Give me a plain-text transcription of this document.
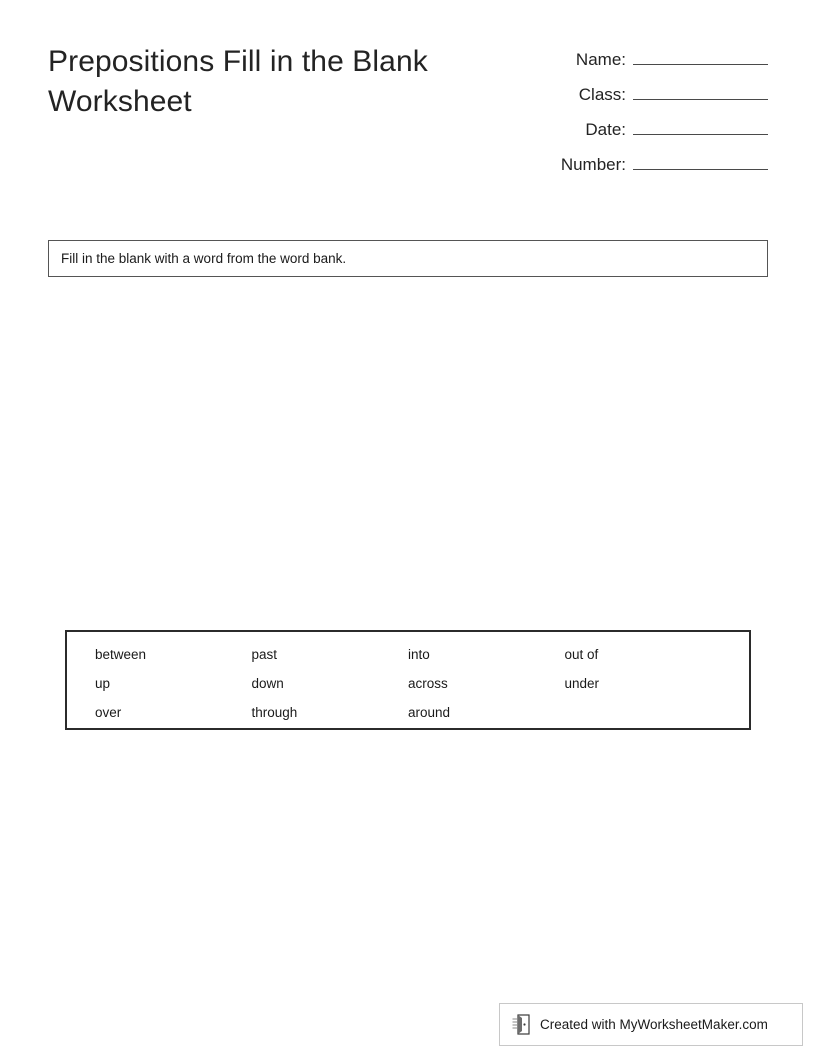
Prepositions Fill in the Blank Worksheet
Name:
Class:
Date:
Number:
Fill in the blank with a word from the word bank.
between	past	into	out of
up	down	across	under
over	through	around
Created with MyWorksheetMaker.com
